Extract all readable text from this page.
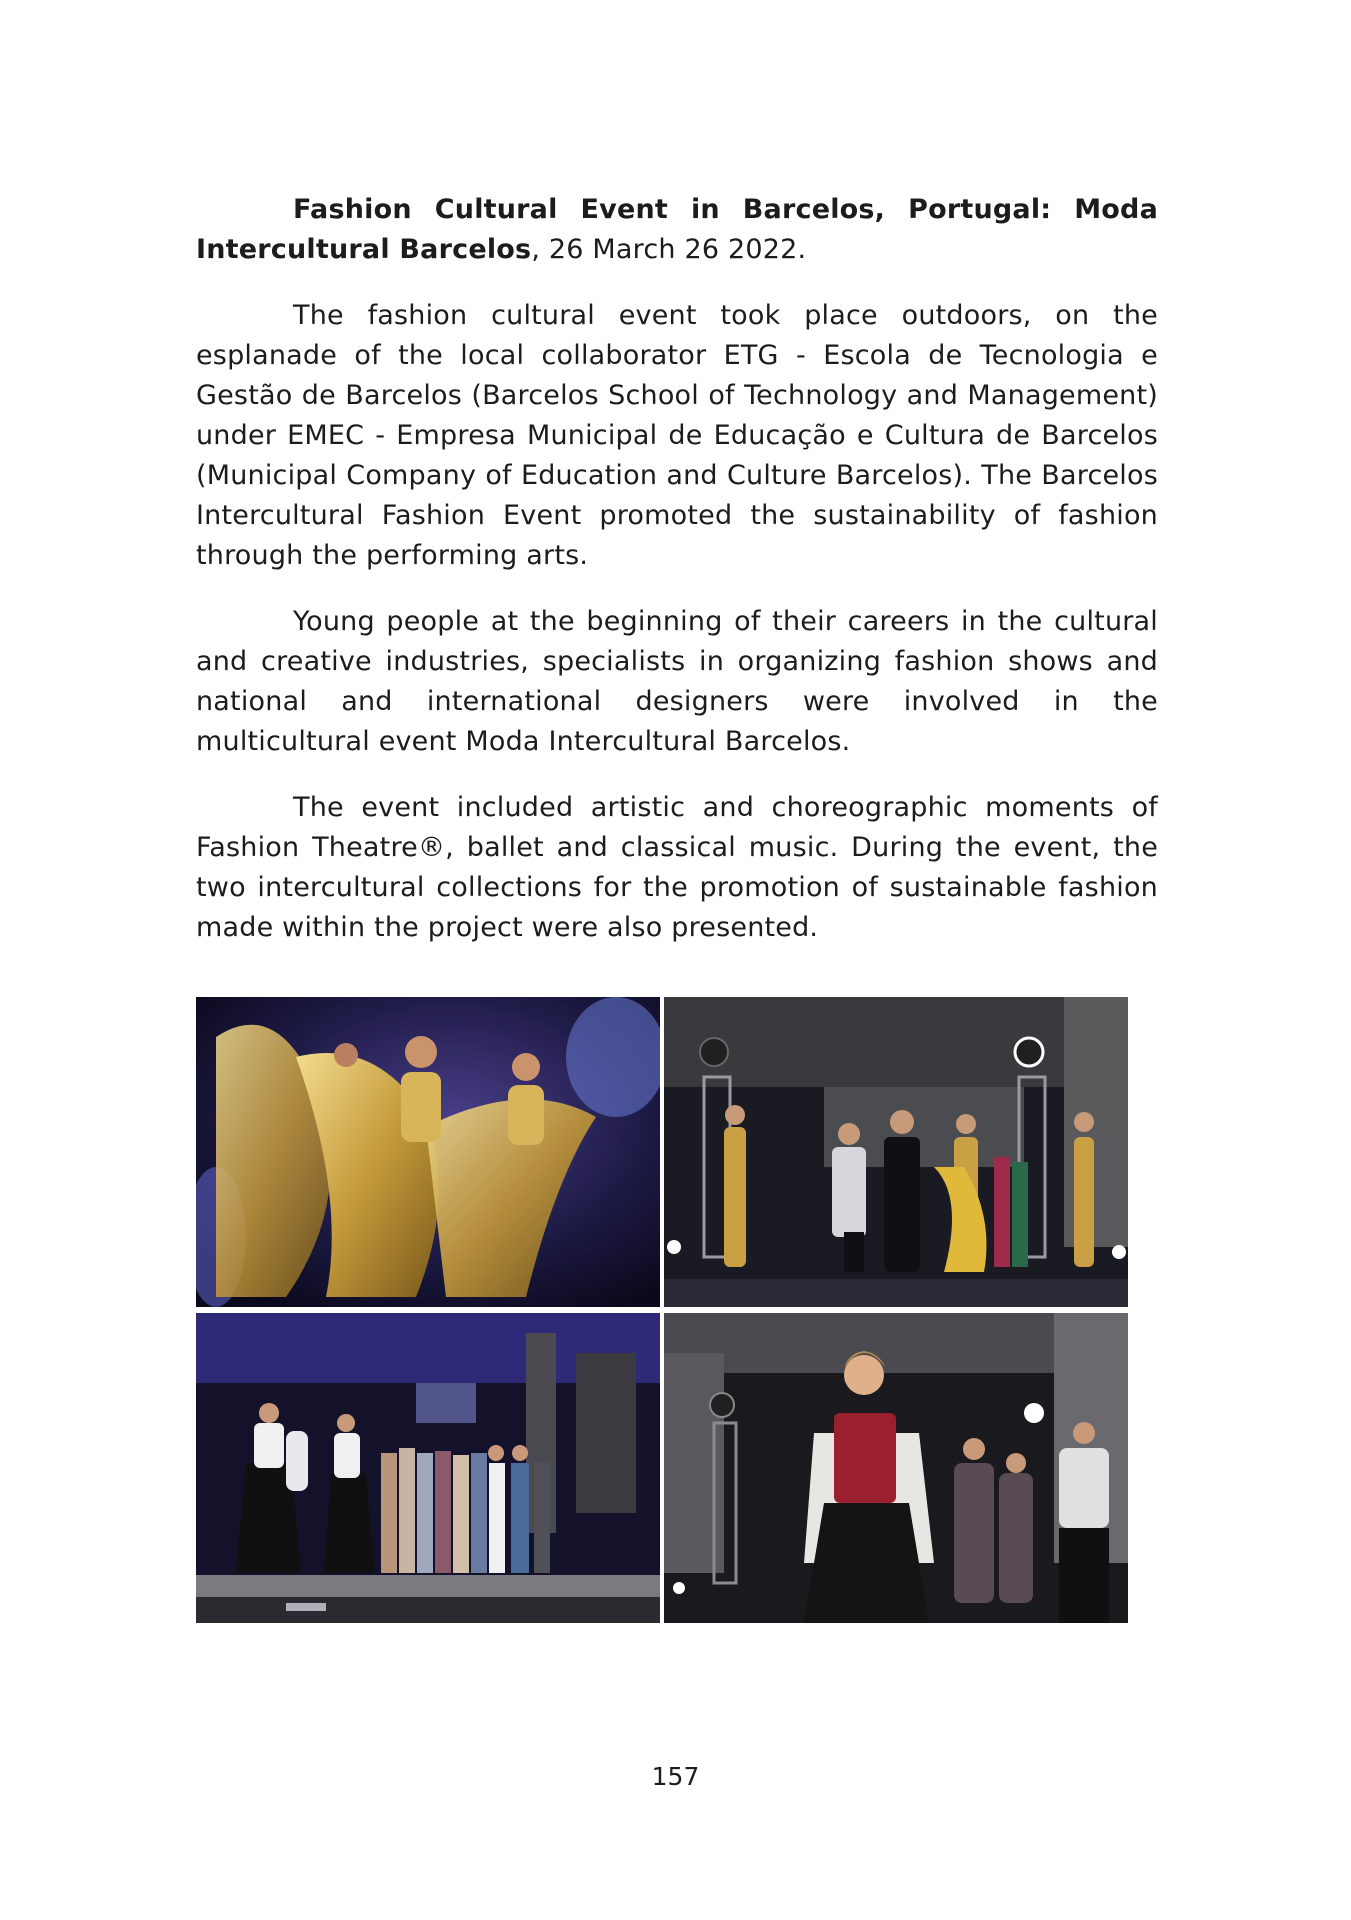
Fashion Cultural Event in Barcelos, Portugal: Moda Intercultural Barcelos, 26 March 26 2022.

The fashion cultural event took place outdoors, on the esplanade of the local collaborator ETG - Escola de Tecnologia e Gestão de Barcelos (Barcelos School of Technology and Management) under EMEC - Empresa Municipal de Educação e Cultura de Barcelos (Municipal Company of Education and Culture Barcelos). The Barcelos Intercultural Fashion Event promoted the sustainability of fashion through the performing arts.

Young people at the beginning of their careers in the cultural and creative industries, specialists in organizing fashion shows and national and international designers were involved in the multicultural event Moda Intercultural Barcelos.

The event included artistic and choreographic moments of Fashion Theatre®, ballet and classical music. During the event, the two intercultural collections for the promotion of sustainable fashion made within the project were also presented.

157
